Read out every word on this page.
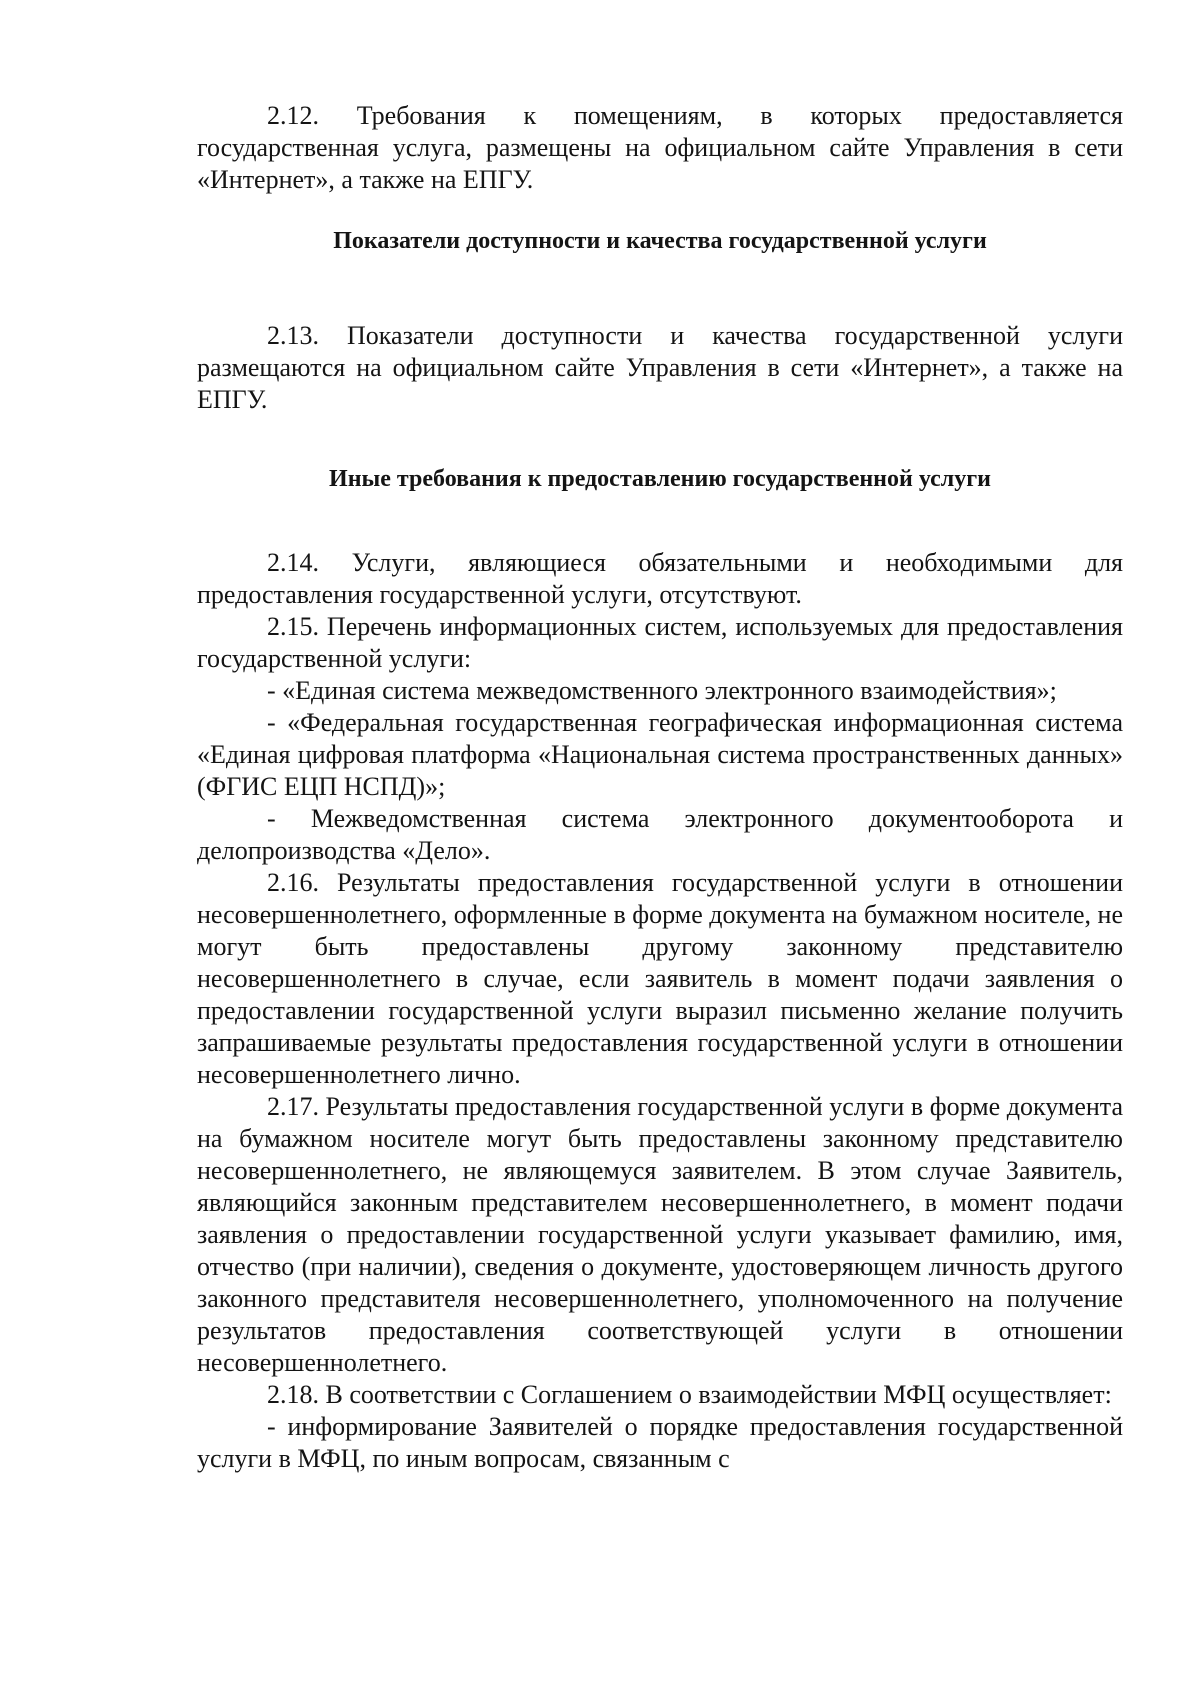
2.12. Требования к помещениям, в которых предоставляется государственная услуга, размещены на официальном сайте Управления в сети «Интернет», а также на ЕПГУ.

Показатели доступности и качества государственной услуги

2.13. Показатели доступности и качества государственной услуги размещаются на официальном сайте Управления в сети «Интернет», а также на ЕПГУ.

Иные требования к предоставлению государственной услуги

2.14. Услуги, являющиеся обязательными и необходимыми для предоставления государственной услуги, отсутствуют.

2.15. Перечень информационных систем, используемых для предоставления государственной услуги:

- «Единая система межведомственного электронного взаимодействия»;

- «Федеральная государственная географическая информационная система «Единая цифровая платформа «Национальная система пространственных данных» (ФГИС ЕЦП НСПД)»;

- Межведомственная система электронного документооборота и делопроизводства «Дело».

2.16. Результаты предоставления государственной услуги в отношении несовершеннолетнего, оформленные в форме документа на бумажном носителе, не могут быть предоставлены другому законному представителю несовершеннолетнего в случае, если заявитель в момент подачи заявления о предоставлении государственной услуги выразил письменно желание получить запрашиваемые результаты предоставления государственной услуги в отношении несовершеннолетнего лично.

2.17. Результаты предоставления государственной услуги в форме документа на бумажном носителе могут быть предоставлены законному представителю несовершеннолетнего, не являющемуся заявителем. В этом случае Заявитель, являющийся законным представителем несовершеннолетнего, в момент подачи заявления о предоставлении государственной услуги указывает фамилию, имя, отчество (при наличии), сведения о документе, удостоверяющем личность другого законного представителя несовершеннолетнего, уполномоченного на получение результатов предоставления соответствующей услуги в отношении несовершеннолетнего.

2.18. В соответствии с Соглашением о взаимодействии МФЦ осуществляет:

- информирование Заявителей о порядке предоставления государственной услуги в МФЦ, по иным вопросам, связанным с
